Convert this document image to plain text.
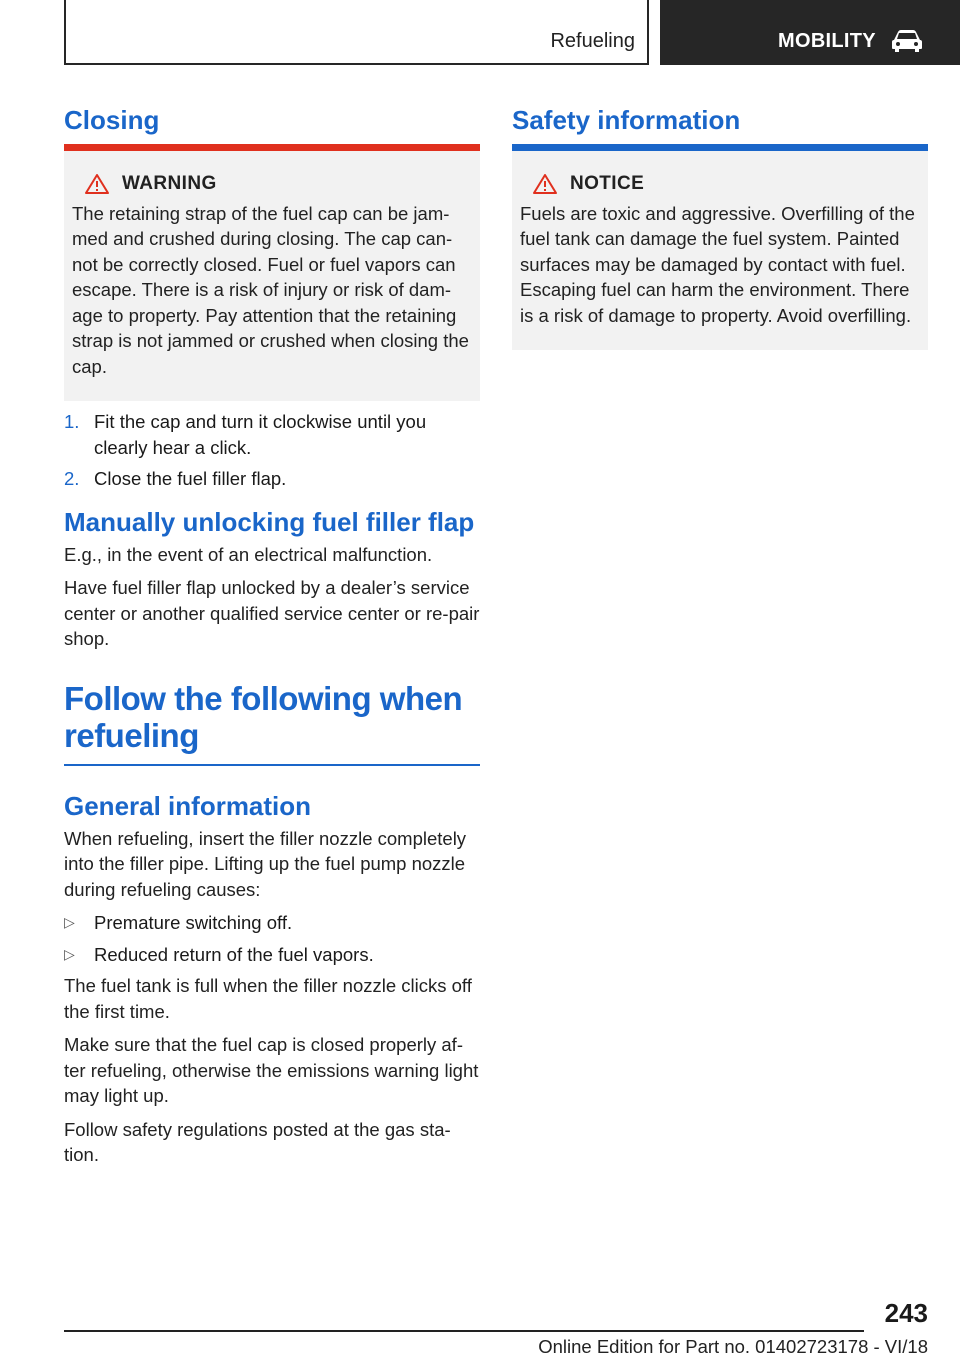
Refueling	MOBILITY
Closing
WARNING
The retaining strap of the fuel cap can be jam‐med and crushed during closing. The cap can‐not be correctly closed. Fuel or fuel vapors can escape. There is a risk of injury or risk of dam‐age to property. Pay attention that the retaining strap is not jammed or crushed when closing the cap.
1. Fit the cap and turn it clockwise until you clearly hear a click.
2. Close the fuel filler flap.
Manually unlocking fuel filler flap

E.g., in the event of an electrical malfunction.

Have fuel filler flap unlocked by a dealer’s service center or another qualified service center or re‐pair shop.

Follow the following when refueling
General information

When refueling, insert the filler nozzle completely into the filler pipe. Lifting up the fuel pump nozzle during refueling causes:

▷	Premature switching off.
▷	Reduced return of the fuel vapors.

The fuel tank is full when the filler nozzle clicks off the first time.

Make sure that the fuel cap is closed properly af‐ter refueling, otherwise the emissions warning light may light up.

Follow safety regulations posted at the gas sta‐tion.

Safety information
NOTICE
Fuels are toxic and aggressive. Overfilling of the fuel tank can damage the fuel system. Painted surfaces may be damaged by contact with fuel. Escaping fuel can harm the environment. There is a risk of damage to property. Avoid overfilling.
243
Online Edition for Part no. 01402723178 - VI/18
